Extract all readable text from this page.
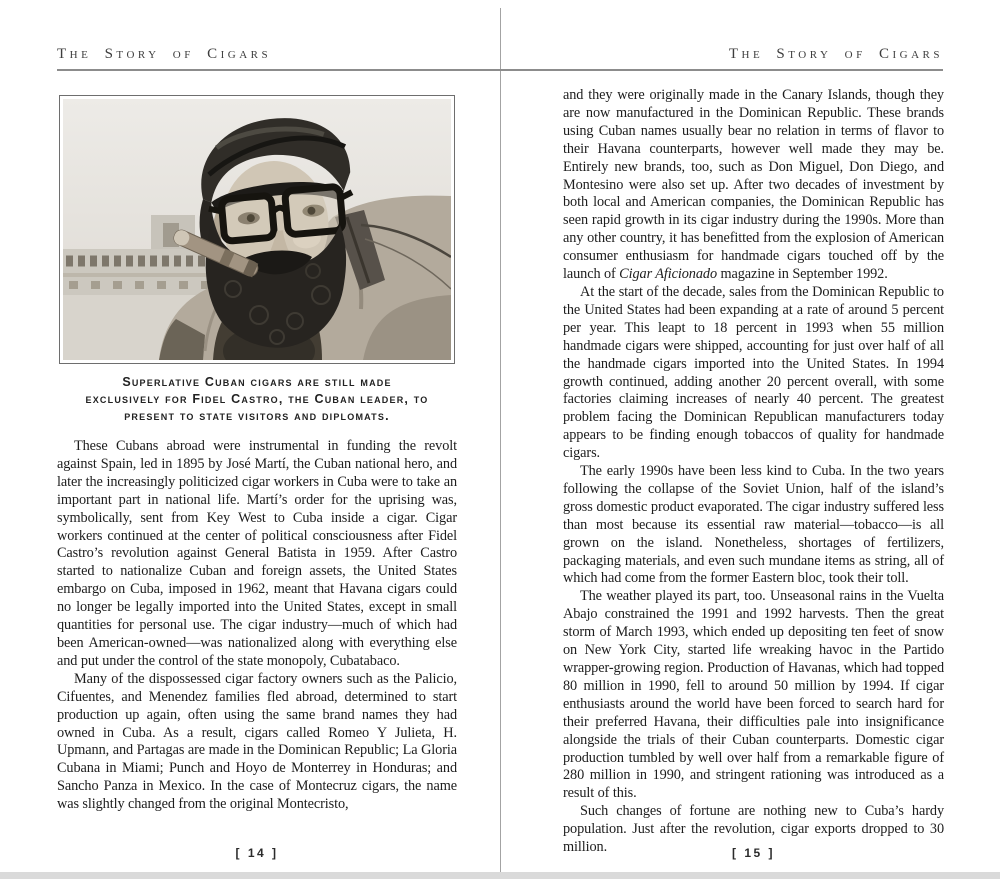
The Story of Cigars	The Story of Cigars
Superlative Cuban cigars are still made exclusively for Fidel Castro, the Cuban leader, to present to state visitors and diplomats.

These Cubans abroad were instrumental in funding the revolt against Spain, led in 1895 by José Martí, the Cuban national hero, and later the increasingly politicized cigar workers in Cuba were to take an important part in national life. Martí’s order for the uprising was, symbolically, sent from Key West to Cuba inside a cigar. Cigar workers continued at the center of political consciousness after Fidel Castro’s revolution against General Batista in 1959. After Castro started to nationalize Cuban and foreign assets, the United States embargo on Cuba, imposed in 1962, meant that Havana cigars could no longer be legally imported into the United States, except in small quantities for personal use. The cigar industry—much of which had been American-owned—was nationalized along with everything else and put under the control of the state monopoly, Cubatabaco.

Many of the dispossessed cigar factory owners such as the Palicio, Cifuentes, and Menendez families fled abroad, determined to start production up again, often using the same brand names they had owned in Cuba. As a result, cigars called Romeo Y Julieta, H. Upmann, and Partagas are made in the Dominican Republic; La Gloria Cubana in Miami; Punch and Hoyo de Monterrey in Honduras; and Sancho Panza in Mexico. In the case of Montecruz cigars, the name was slightly changed from the original Montecristo,

and they were originally made in the Canary Islands, though they are now manufactured in the Dominican Republic. These brands using Cuban names usually bear no relation in terms of flavor to their Havana counterparts, however well made they may be. Entirely new brands, too, such as Don Miguel, Don Diego, and Montesino were also set up. After two decades of investment by both local and American companies, the Dominican Republic has seen rapid growth in its cigar industry during the 1990s. More than any other country, it has benefitted from the explosion of American consumer enthusiasm for handmade cigars touched off by the launch of Cigar Aficionado magazine in September 1992.

At the start of the decade, sales from the Dominican Republic to the United States had been expanding at a rate of around 5 percent per year. This leapt to 18 percent in 1993 when 55 million handmade cigars were shipped, accounting for just over half of all the handmade cigars imported into the United States. In 1994 growth continued, adding another 20 percent overall, with some factories claiming increases of nearly 40 percent. The greatest problem facing the Dominican Republican manufacturers today appears to be finding enough tobaccos of quality for handmade cigars.

The early 1990s have been less kind to Cuba. In the two years following the collapse of the Soviet Union, half of the island’s gross domestic product evaporated. The cigar industry suffered less than most because its essential raw material—tobacco—is all grown on the island. Nonetheless, shortages of fertilizers, packaging materials, and even such mundane items as string, all of which had come from the former Eastern bloc, took their toll.

The weather played its part, too. Unseasonal rains in the Vuelta Abajo constrained the 1991 and 1992 harvests. Then the great storm of March 1993, which ended up depositing ten feet of snow on New York City, started life wreaking havoc in the Partido wrapper-growing region. Production of Havanas, which had topped 80 million in 1990, fell to around 50 million by 1994. If cigar enthusiasts around the world have been forced to search hard for their preferred Havana, their difficulties pale into insignificance alongside the trials of their Cuban counterparts. Domestic cigar production tumbled by well over half from a remarkable figure of 280 million in 1990, and stringent rationing was introduced as a result of this.

Such changes of fortune are nothing new to Cuba’s hardy population. Just after the revolution, cigar exports dropped to 30 million.

[ 14 ]	[ 15 ]
